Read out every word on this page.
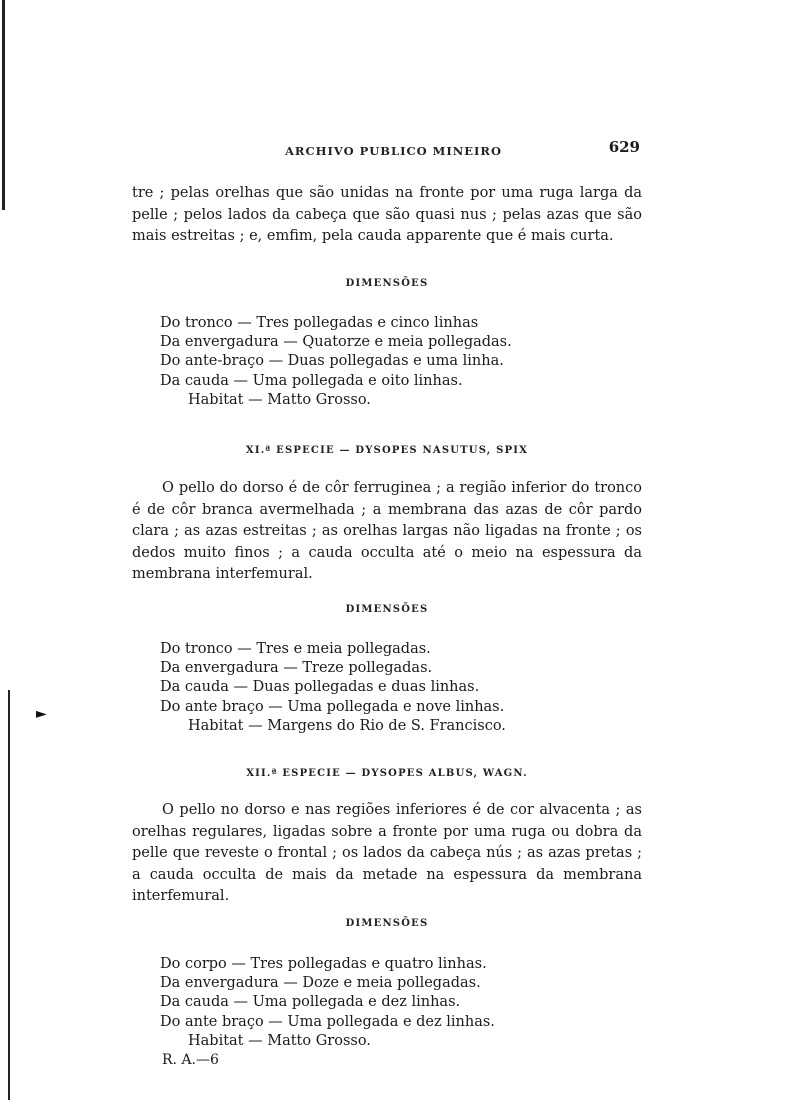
►
ARCHIVO PUBLICO MINEIRO	629

tre ; pelas orelhas que são unidas na fronte por uma ruga larga da pelle ; pelos lados da cabeça que são quasi nus ; pelas azas que são mais estreitas ; e, emfim, pela cauda apparente que é mais curta.

DIMENSÕES

Do tronco — Tres pollegadas e cinco linhas
Da envergadura — Quatorze e meia pollegadas.
Do ante-braço — Duas pollegadas e uma linha.
Da cauda — Uma pollegada e oito linhas.
Habitat — Matto Grosso.

XI.ª ESPECIE — DYSOPES NASUTUS, SPIX

O pello do dorso é de côr ferruginea ; a região inferior do tronco é de côr branca avermelhada ; a membrana das azas de côr pardo clara ; as azas estreitas ; as orelhas largas não ligadas na fronte ; os dedos muito finos ; a cauda occulta até o meio na espessura da membrana interfemural.

DIMENSÕES

Do tronco — Tres e meia pollegadas.
Da envergadura — Treze pollegadas.
Da cauda — Duas pollegadas e duas linhas.
Do ante braço — Uma pollegada e nove linhas.
Habitat — Margens do Rio de S. Francisco.

XII.ª ESPECIE — DYSOPES ALBUS, WAGN.

O pello no dorso e nas regiões inferiores é de cor alvacenta ; as orelhas regulares, ligadas sobre a fronte por uma ruga ou dobra da pelle que reveste o frontal ; os lados da cabeça nús ; as azas pretas ; a cauda occulta de mais da metade na espessura da membrana interfemural.

DIMENSÕES

Do corpo — Tres pollegadas e quatro linhas.
Da envergadura — Doze e meia pollegadas.
Da cauda — Uma pollegada e dez linhas.
Do ante braço — Uma pollegada e dez linhas.
Habitat — Matto Grosso.
R. A.—6
